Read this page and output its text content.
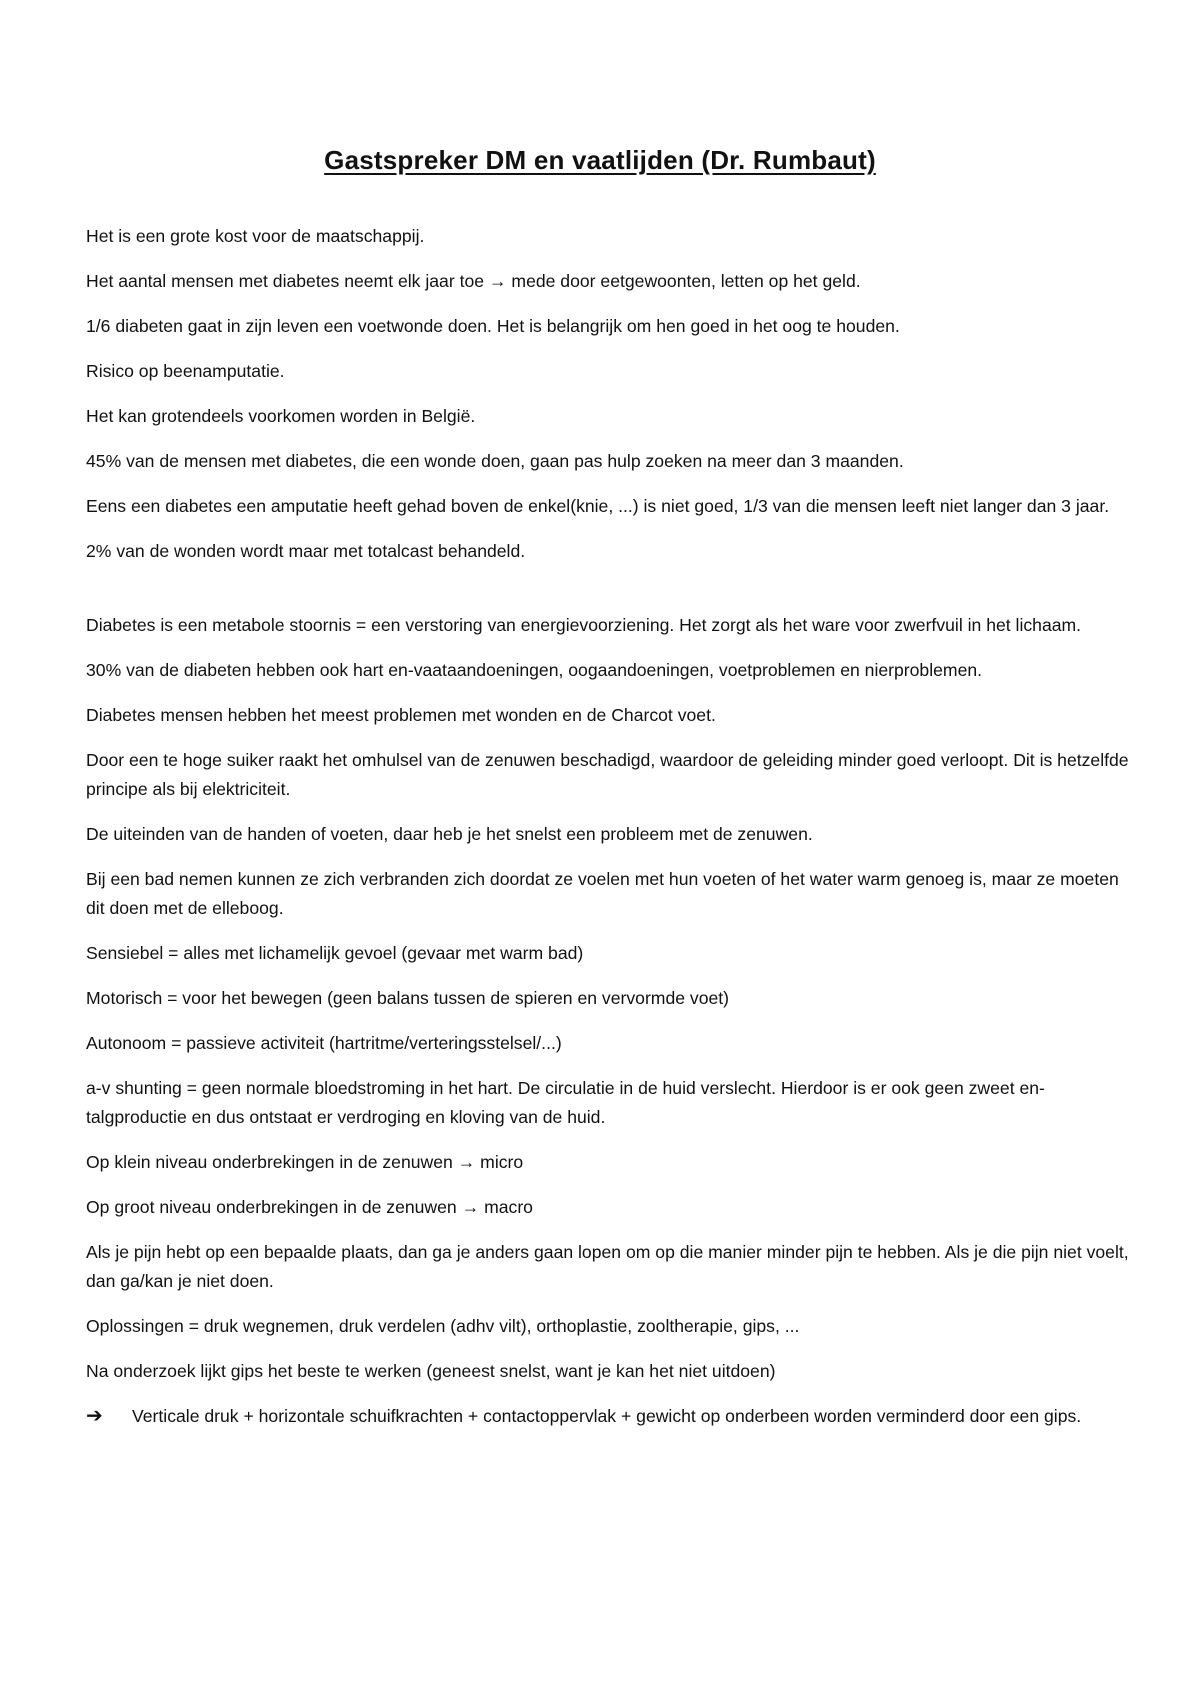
Gastspreker DM en vaatlijden (Dr. Rumbaut)

Het is een grote kost voor de maatschappij.

Het aantal mensen met diabetes neemt elk jaar toe → mede door eetgewoonten, letten op het geld.

1/6 diabeten gaat in zijn leven een voetwonde doen. Het is belangrijk om hen goed in het oog te houden.

Risico op beenamputatie.

Het kan grotendeels voorkomen worden in België.

45% van de mensen met diabetes, die een wonde doen, gaan pas hulp zoeken na meer dan 3 maanden.

Eens een diabetes een amputatie heeft gehad boven de enkel(knie, ...) is niet goed, 1/3 van die mensen leeft niet langer dan 3 jaar.

2% van de wonden wordt maar met totalcast behandeld.

Diabetes is een metabole stoornis = een verstoring van energievoorziening. Het zorgt als het ware voor zwerfvuil in het lichaam.

30% van de diabeten hebben ook hart en-vaataandoeningen, oogaandoeningen, voetproblemen en nierproblemen.

Diabetes mensen hebben het meest problemen met wonden en de Charcot voet.

Door een te hoge suiker raakt het omhulsel van de zenuwen beschadigd, waardoor de geleiding minder goed verloopt. Dit is hetzelfde principe als bij elektriciteit.

De uiteinden van de handen of voeten, daar heb je het snelst een probleem met de zenuwen.

Bij een bad nemen kunnen ze zich verbranden zich doordat ze voelen met hun voeten of het water warm genoeg is, maar ze moeten dit doen met de elleboog.

Sensiebel = alles met lichamelijk gevoel (gevaar met warm bad)

Motorisch = voor het bewegen (geen balans tussen de spieren en vervormde voet)

Autonoom = passieve activiteit (hartritme/verteringsstelsel/...)

a-v shunting = geen normale bloedstroming in het hart. De circulatie in de huid verslecht. Hierdoor is er ook geen zweet en-talgproductie en dus ontstaat er verdroging en kloving van de huid.

Op klein niveau onderbrekingen in de zenuwen → micro

Op groot niveau onderbrekingen in de zenuwen → macro

Als je pijn hebt op een bepaalde plaats, dan ga je anders gaan lopen om op die manier minder pijn te hebben. Als je die pijn niet voelt, dan ga/kan je niet doen.

Oplossingen = druk wegnemen, druk verdelen (adhv vilt), orthoplastie, zooltherapie, gips, ...

Na onderzoek lijkt gips het beste te werken (geneest snelst, want je kan het niet uitdoen)

➔	Verticale druk + horizontale schuifkrachten + contactoppervlak + gewicht op onderbeen worden verminderd door een gips.
